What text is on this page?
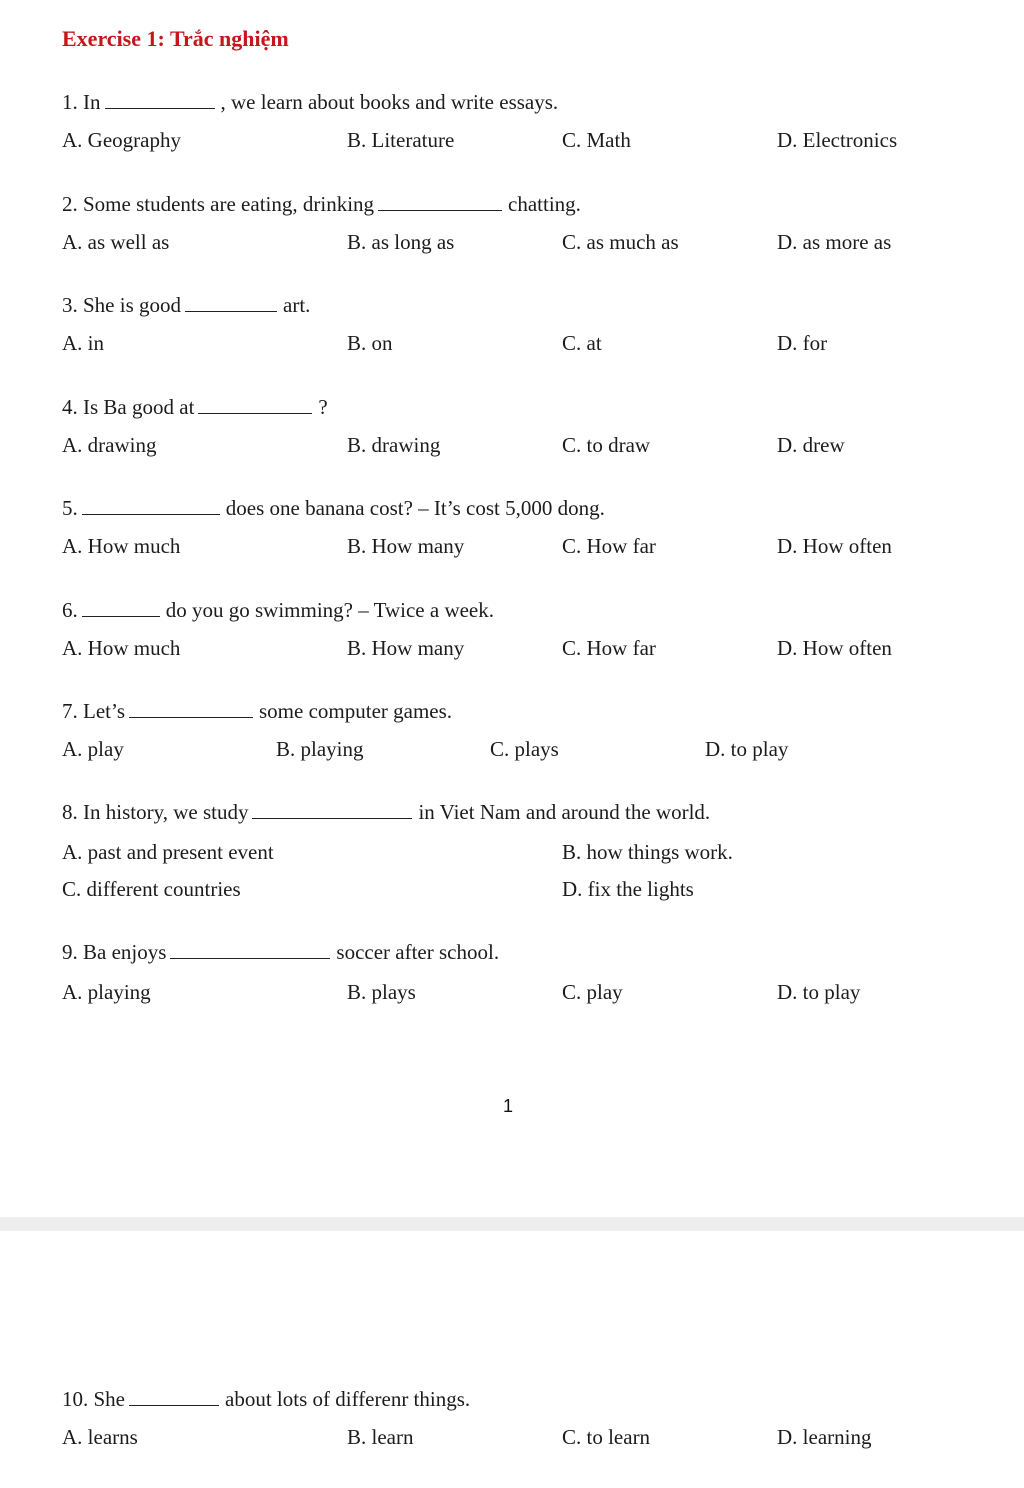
Exercise 1: Trắc nghiệm
1. In	, we learn about books and write essays.
A. Geography	B. Literature	C. Math	D. Electronics
2. Some students are eating, drinking	chatting.
A. as well as	B. as long as	C. as much as	D. as more as
3. She is good	art.
A. in	B. on	C. at	D. for
4. Is Ba good at	?
A. drawing	B. drawing	C. to draw	D. drew
5.	does one banana cost? – It’s cost 5,000 dong.
A. How much	B. How many	C. How far	D. How often
6.	do you go swimming? – Twice a week.
A. How much	B. How many	C. How far	D. How often
7. Let’s	some computer games.
A. play	B. playing	C. plays	D. to play
8. In history, we study	in Viet Nam and around the world.
A. past and present event	B. how things work.
C. different countries	D. fix the lights
9. Ba enjoys	soccer after school.
A. playing	B. plays	C. play	D. to play
1
10. She	about lots of differenr things.
A. learns	B. learn	C. to learn	D. learning
